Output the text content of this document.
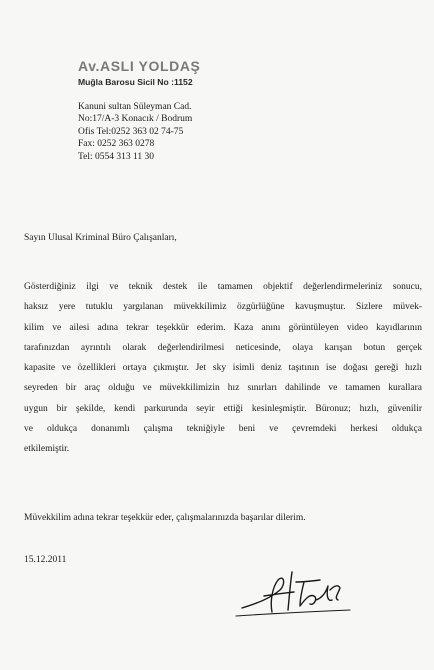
Av.ASLI YOLDAŞ
Muğla Barosu Sicil No :1152
Kanuni sultan Süleyman Cad.
No:17/A-3 Konacık / Bodrum
Ofis Tel:0252 363 02 74-75
Fax: 0252 363 0278
Tel: 0554 313 11 30
Sayın Ulusal Kriminal Büro Çalışanları,
Gösterdiğiniz ilgi ve teknik destek ile tamamen objektif değerlendirmeleriniz sonucu,
haksız yere tutuklu yargılanan müvekkilimiz özgürlüğüne kavuşmuştur. Sizlere müvek-
kilim ve ailesi adına tekrar teşekkür ederim. Kaza anını görüntüleyen video kayıdlarının
tarafınızdan ayrıntılı olarak değerlendirilmesi neticesinde, olaya karışan botun gerçek
kapasite ve özellikleri ortaya çıkmıştır. Jet sky isimli deniz taşıtının ise doğası gereği hızlı
seyreden bir araç olduğu ve müvekkilimizin hız sınırları dahilinde ve tamamen kurallara
uygun bir şekilde, kendi parkurunda seyir ettiği kesinleşmiştir. Büronuz; hızlı, güvenilir
ve oldukça donanımlı çalışma tekniğiyle beni ve çevremdeki herkesi oldukça
etkilemiştir.
Müvekkilim adına tekrar teşekkür eder, çalışmalarınızda başarılar dilerim.
15.12.2011
